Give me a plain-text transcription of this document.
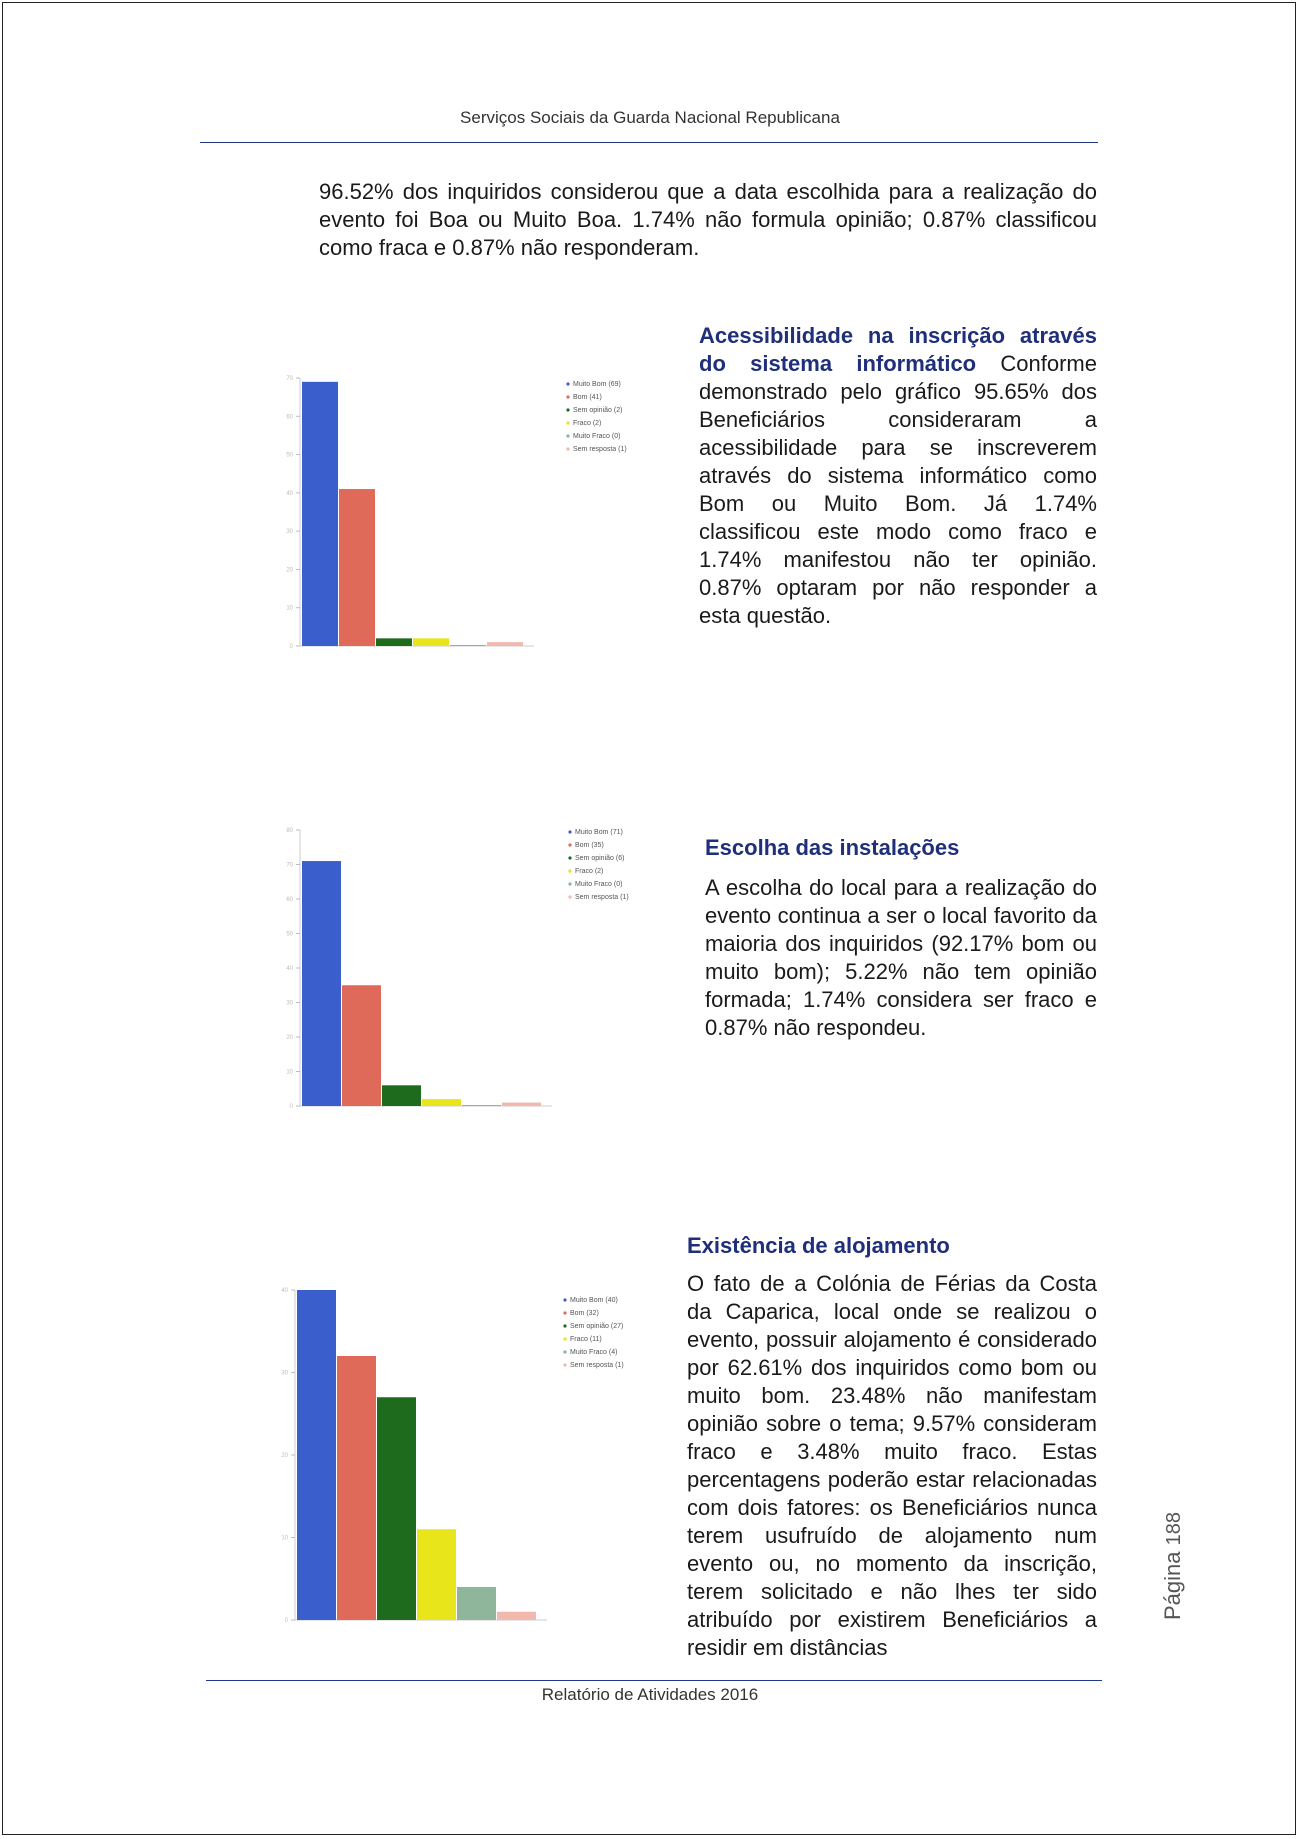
Serviços Sociais da Guarda Nacional Republicana

96.52% dos inquiridos considerou que a data escolhida para a realização do evento foi Boa ou Muito Boa. 1.74% não formula opinião; 0.87% classificou como fraca e 0.87% não responderam.

0
10
20
30
40
50
60
70
Muito Bom (69)
Bom (41)
Sem opinião (2)
Fraco (2)
Muito Fraco (0)
Sem resposta (1)
Acessibilidade na inscrição através do sistema informático Conforme demonstrado pelo gráfico 95.65% dos Beneficiários consideraram a acessibilidade para se inscreverem através do sistema informático como Bom ou Muito Bom. Já 1.74% classificou este modo como fraco e 1.74% manifestou não ter opinião. 0.87% optaram por não responder a esta questão.
0
10
20
30
40
50
60
70
80	Muito Bom (71)
Bom (35)
Sem opinião (6)
Fraco (2)
Muito Fraco (0)
Sem resposta (1)
Escolha das instalações
A escolha do local para a realização do evento continua a ser o local favorito da maioria dos inquiridos (92.17% bom ou muito bom); 5.22% não tem opinião formada; 1.74% considera ser fraco e 0.87% não respondeu.
0
10
20
30
40
Muito Bom (40)
Bom (32)
Sem opinião (27)
Fraco (11)
Muito Fraco (4)
Sem resposta (1)
Existência de alojamento
O fato de a Colónia de Férias da Costa da Caparica, local onde se realizou o evento, possuir alojamento é considerado por 62.61% dos inquiridos como bom ou muito bom. 23.48% não manifestam opinião sobre o tema; 9.57% consideram fraco e 3.48% muito fraco. Estas percentagens poderão estar relacionadas com dois fatores: os Beneficiários nunca terem usufruído de alojamento num evento ou, no momento da inscrição, terem solicitado e não lhes ter sido atribuído por existirem Beneficiários a residir em distâncias
Página 188
Relatório de Atividades 2016
